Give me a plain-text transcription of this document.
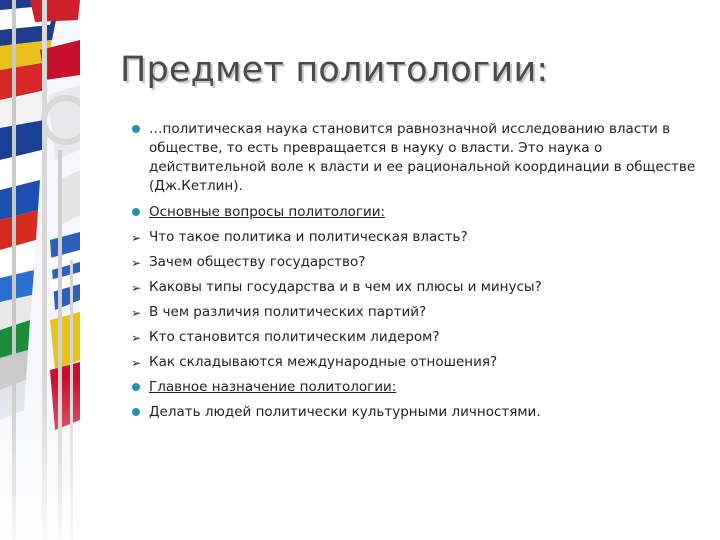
Предмет политологии:
…политическая наука становится равнозначной исследованию власти в обществе, то есть превращается в науку о власти. Это наука о действительной воле к власти и ее рациональной координации в обществе (Дж.Кетлин).
Основные вопросы политологии:
➢ Что такое политика и политическая власть?
➢ Зачем обществу государство?
➢ Каковы типы государства и в чем их плюсы и минусы?
➢ В чем различия политических партий?
➢ Кто становится политическим лидером?
➢ Как складываются международные отношения?
Главное назначение политологии:
Делать людей политически культурными личностями.
